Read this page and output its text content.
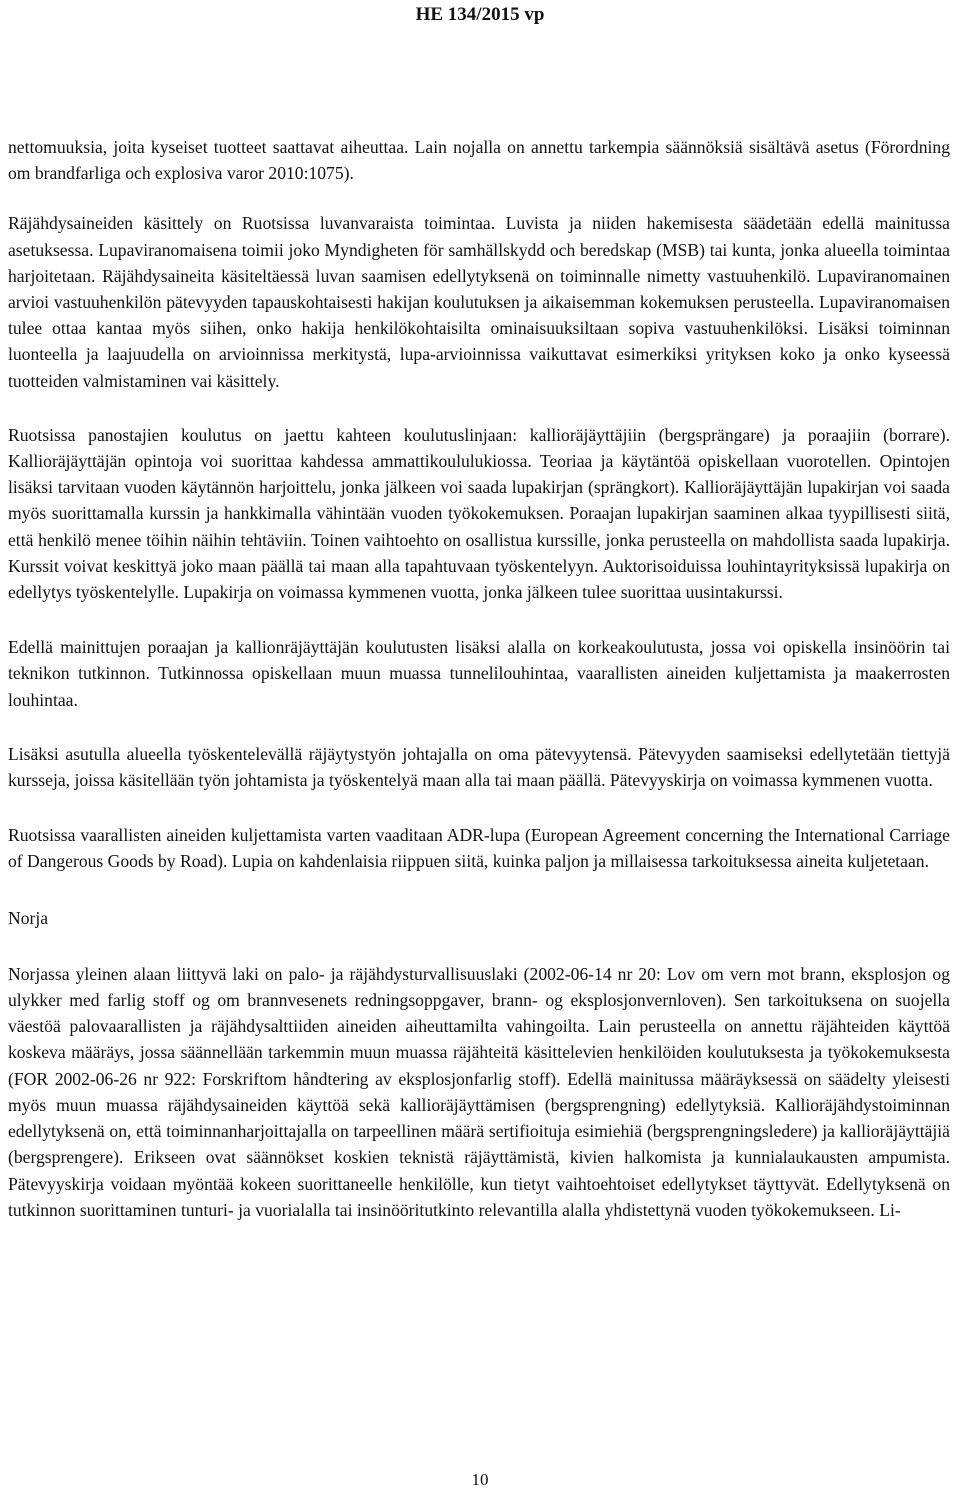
HE 134/2015 vp

nettomuuksia, joita kyseiset tuotteet saattavat aiheuttaa. Lain nojalla on annettu tarkempia säännöksiä sisältävä asetus (Förordning om brandfarliga och explosiva varor 2010:1075).

Räjähdysaineiden käsittely on Ruotsissa luvanvaraista toimintaa. Luvista ja niiden hakemisesta säädetään edellä mainitussa asetuksessa. Lupaviranomaisena toimii joko Myndigheten för samhällskydd och beredskap (MSB) tai kunta, jonka alueella toimintaa harjoitetaan. Räjähdysaineita käsiteltäessä luvan saamisen edellytyksenä on toiminnalle nimetty vastuuhenkilö. Lupaviranomainen arvioi vastuuhenkilön pätevyyden tapauskohtaisesti hakijan koulutuksen ja aikaisemman kokemuksen perusteella. Lupaviranomaisen tulee ottaa kantaa myös siihen, onko hakija henkilökohtaisilta ominaisuuksiltaan sopiva vastuuhenkilöksi. Lisäksi toiminnan luonteella ja laajuudella on arvioinnissa merkitystä, lupa-arvioinnissa vaikuttavat esimerkiksi yrityksen koko ja onko kyseessä tuotteiden valmistaminen vai käsittely.

Ruotsissa panostajien koulutus on jaettu kahteen koulutuslinjaan: kallioräjäyttäjiin (bergsprängare) ja poraajiin (borrare). Kallioräjäyttäjän opintoja voi suorittaa kahdessa ammattikoululukiossa. Teoriaa ja käytäntöä opiskellaan vuorotellen. Opintojen lisäksi tarvitaan vuoden käytännön harjoittelu, jonka jälkeen voi saada lupakirjan (sprängkort). Kallioräjäyttäjän lupakirjan voi saada myös suorittamalla kurssin ja hankkimalla vähintään vuoden työkokemuksen. Poraajan lupakirjan saaminen alkaa tyypillisesti siitä, että henkilö menee töihin näihin tehtäviin. Toinen vaihtoehto on osallistua kurssille, jonka perusteella on mahdollista saada lupakirja. Kurssit voivat keskittyä joko maan päällä tai maan alla tapahtuvaan työskentelyyn. Auktorisoiduissa louhintayrityksissä lupakirja on edellytys työskentelylle. Lupakirja on voimassa kymmenen vuotta, jonka jälkeen tulee suorittaa uusintakurssi.

Edellä mainittujen poraajan ja kallionräjäyttäjän koulutusten lisäksi alalla on korkeakoulutusta, jossa voi opiskella insinöörin tai teknikon tutkinnon. Tutkinnossa opiskellaan muun muassa tunnelilouhintaa, vaarallisten aineiden kuljettamista ja maakerrosten louhintaa.

Lisäksi asutulla alueella työskentelevällä räjäytystyön johtajalla on oma pätevyytensä. Pätevyyden saamiseksi edellytetään tiettyjä kursseja, joissa käsitellään työn johtamista ja työskentelyä maan alla tai maan päällä. Pätevyyskirja on voimassa kymmenen vuotta.

Ruotsissa vaarallisten aineiden kuljettamista varten vaaditaan ADR-lupa (European Agreement concerning the International Carriage of Dangerous Goods by Road). Lupia on kahdenlaisia riippuen siitä, kuinka paljon ja millaisessa tarkoituksessa aineita kuljetetaan.

Norja

Norjassa yleinen alaan liittyvä laki on palo- ja räjähdysturvallisuuslaki (2002-06-14 nr 20: Lov om vern mot brann, eksplosjon og ulykker med farlig stoff og om brannvesenets redningsoppgaver, brann- og eksplosjonvernloven). Sen tarkoituksena on suojella väestöä palovaarallisten ja räjähdysalttiiden aineiden aiheuttamilta vahingoilta. Lain perusteella on annettu räjähteiden käyttöä koskeva määräys, jossa säännellään tarkemmin muun muassa räjähteitä käsittelevien henkilöiden koulutuksesta ja työkokemuksesta (FOR 2002-06-26 nr 922: Forskriftom håndtering av eksplosjonfarlig stoff). Edellä mainitussa määräyksessä on säädelty yleisesti myös muun muassa räjähdysaineiden käyttöä sekä kallioräjäyttämisen (bergsprengning) edellytyksiä. Kallioräjähdystoiminnan edellytyksenä on, että toiminnanharjoittajalla on tarpeellinen määrä sertifioituja esimiehiä (bergsprengningsledere) ja kallioräjäyttäjiä (bergsprengere). Erikseen ovat säännökset koskien teknistä räjäyttämistä, kivien halkomista ja kunnialaukausten ampumista. Pätevyyskirja voidaan myöntää kokeen suorittaneelle henkilölle, kun tietyt vaihtoehtoiset edellytykset täyttyvät. Edellytyksenä on tutkinnon suorittaminen tunturi- ja vuorialalla tai insinööritutkinto relevantilla alalla yhdistettynä vuoden työkokemukseen. Li-

10
